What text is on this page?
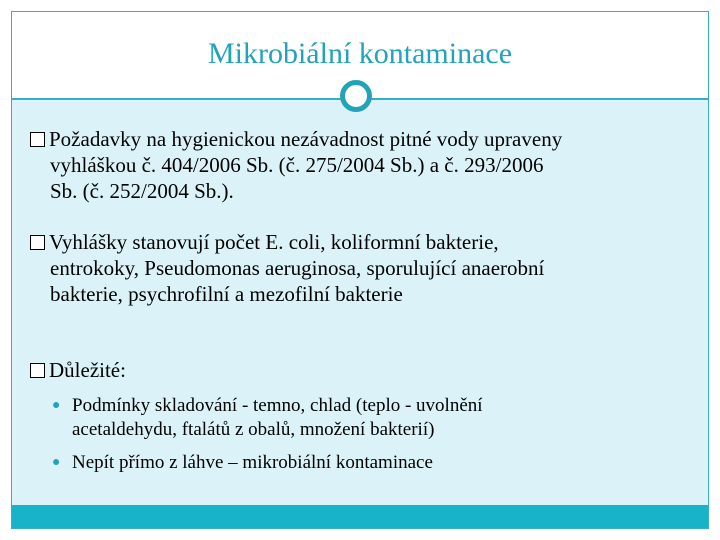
Mikrobiální kontaminace
Požadavky na hygienickou nezávadnost pitné vody upraveny
vyhláškou č. 404/2006 Sb. (č. 275/2004 Sb.) a č. 293/2006
Sb. (č. 252/2004 Sb.).
Vyhlášky stanovují počet E. coli, koliformní bakterie,
entrokoky, Pseudomonas aeruginosa, sporulující anaerobní
bakterie, psychrofilní a mezofilní bakterie
Důležité:
● Podmínky skladování - temno, chlad (teplo - uvolnění
acetaldehydu, ftalátů z obalů, množení bakterií)
● Nepít přímo z láhve – mikrobiální kontaminace
